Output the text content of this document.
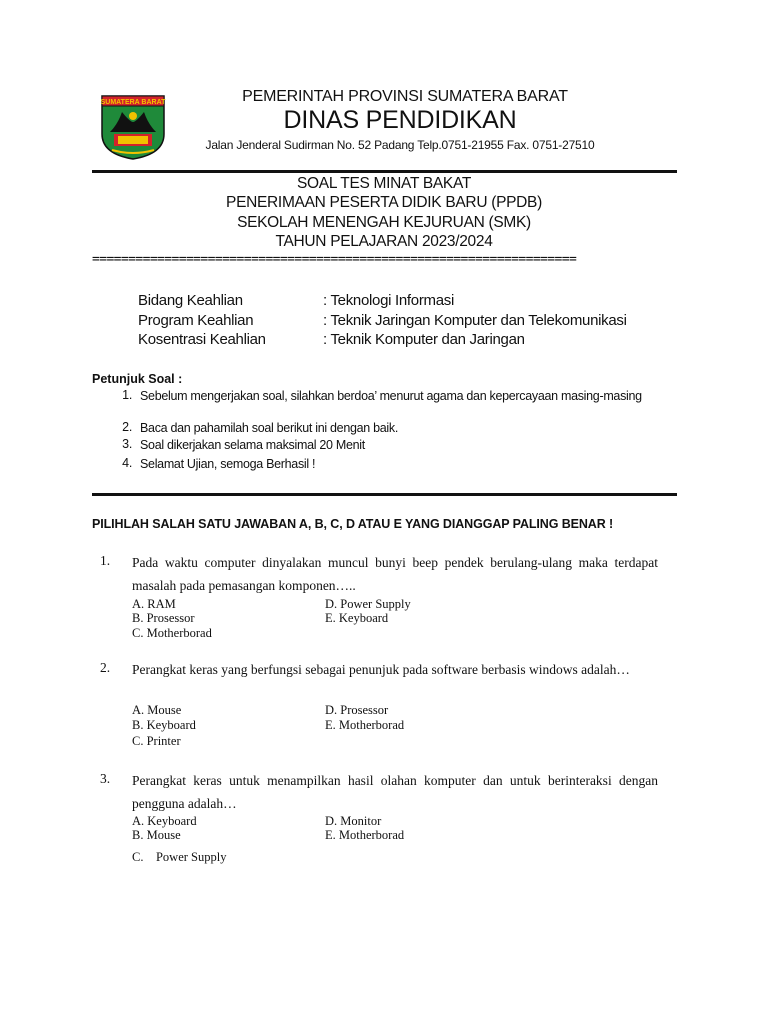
SUMATERA BARAT	PEMERINTAH PROVINSI SUMATERA BARAT
DINAS PENDIDIKAN
Jalan Jenderal Sudirman No. 52 Padang Telp.0751-21955 Fax. 0751-27510
SOAL TES MINAT BAKAT
PENERIMAAN PESERTA DIDIK BARU (PPDB)
SEKOLAH MENENGAH KEJURUAN (SMK)
TAHUN PELAJARAN 2023/2024
===================================================================
Bidang Keahlian	: Teknologi Informasi
Program Keahlian	: Teknik Jaringan Komputer dan Telekomunikasi
Kosentrasi Keahlian	: Teknik Komputer dan Jaringan
Petunjuk Soal :
1. Sebelum mengerjakan soal, silahkan berdoa’ menurut agama dan kepercayaan masing-masing
2. Baca dan pahamilah soal berikut ini dengan baik.
3. Soal dikerjakan selama maksimal 20 Menit
4. Selamat Ujian, semoga Berhasil !
PILIHLAH SALAH SATU JAWABAN A, B, C, D ATAU E YANG DIANGGAP PALING BENAR !
1. Pada waktu computer dinyalakan muncul bunyi beep pendek berulang-ulang maka terdapat masalah pada pemasangan komponen…..
A. RAM
B. Prosessor
C. Motherborad
D. Power Supply
E. Keyboard
2. Perangkat keras yang berfungsi sebagai penunjuk pada software berbasis windows adalah…
A. Mouse
B. Keyboard
C. Printer
D. Prosessor
E. Motherborad
3. Perangkat keras untuk menampilkan hasil olahan komputer dan untuk berinteraksi dengan pengguna adalah…
A. Keyboard
B. Mouse
D. Monitor
E. Motherborad
C.    Power Supply
